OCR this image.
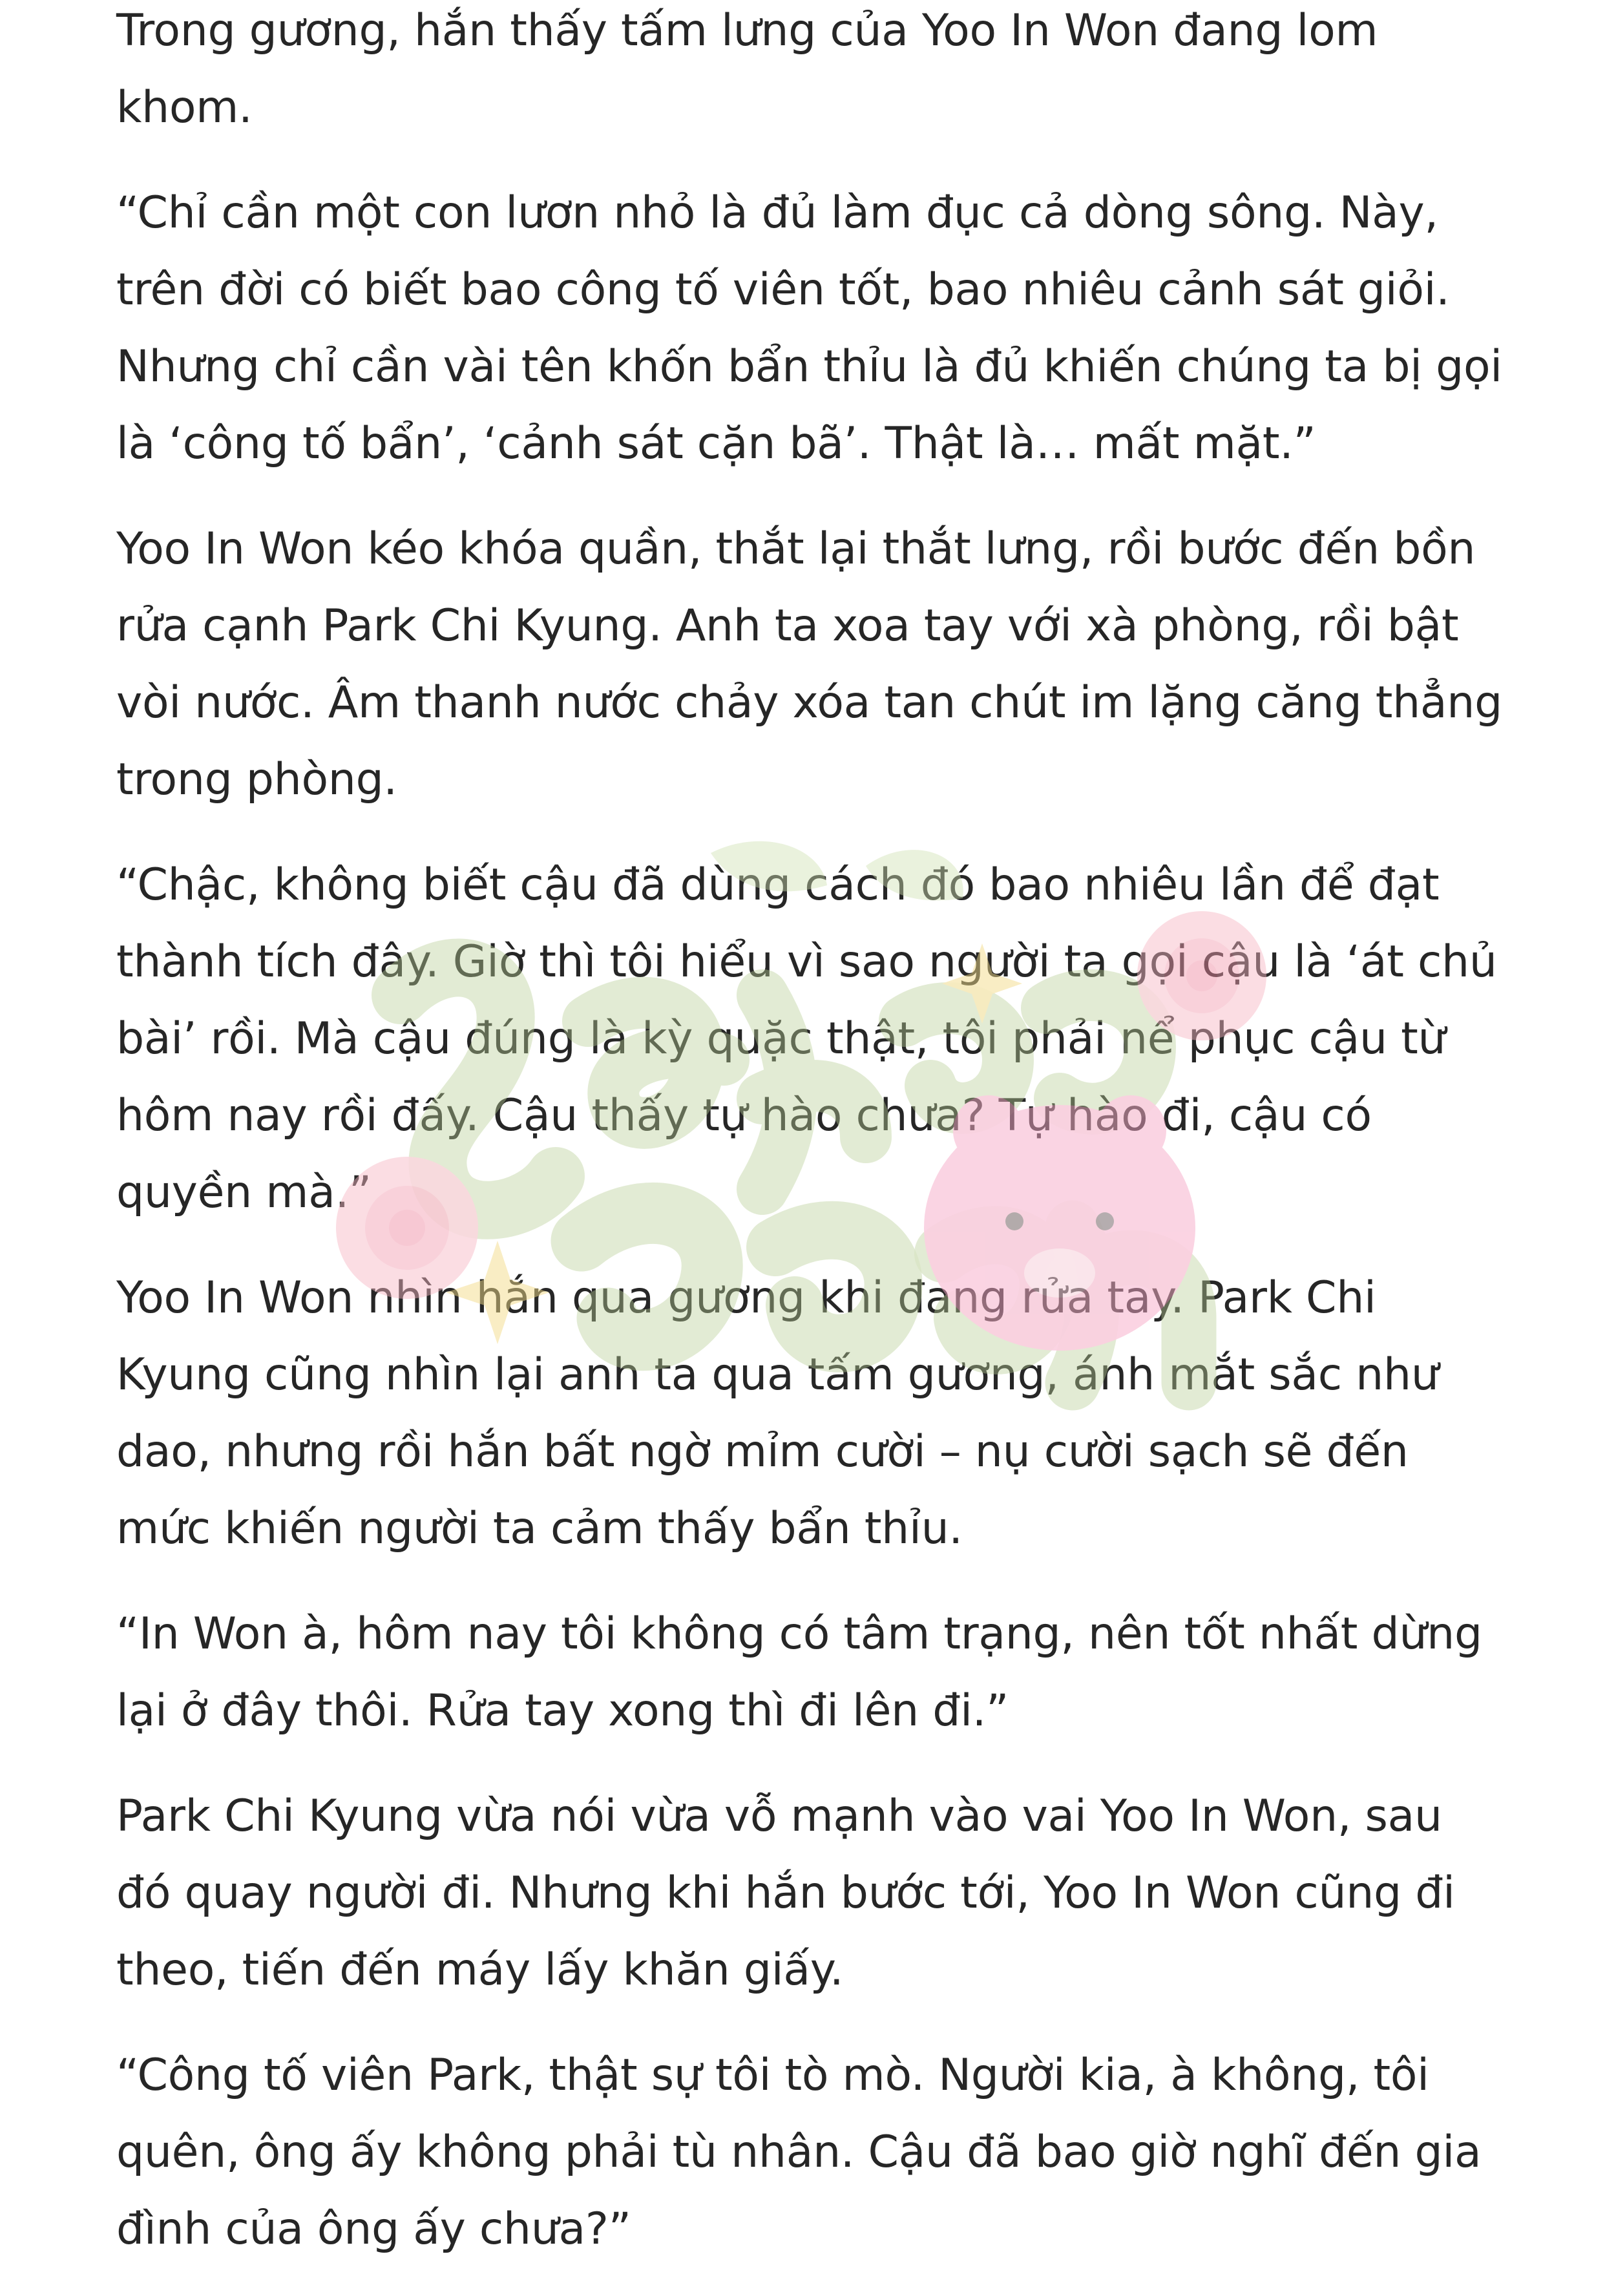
Trong gương, hắn thấy tấm lưng của Yoo In Won đang lom khom.

“Chỉ cần một con lươn nhỏ là đủ làm đục cả dòng sông. Này, trên đời có biết bao công tố viên tốt, bao nhiêu cảnh sát giỏi. Nhưng chỉ cần vài tên khốn bẩn thỉu là đủ khiến chúng ta bị gọi là ‘công tố bẩn’, ‘cảnh sát cặn bã’. Thật là… mất mặt.”

Yoo In Won kéo khóa quần, thắt lại thắt lưng, rồi bước đến bồn rửa cạnh Park Chi Kyung. Anh ta xoa tay với xà phòng, rồi bật vòi nước. Âm thanh nước chảy xóa tan chút im lặng căng thẳng trong phòng.

“Chậc, không biết cậu đã dùng cách đó bao nhiêu lần để đạt thành tích đây. Giờ thì tôi hiểu vì sao người ta gọi cậu là ‘át chủ bài’ rồi. Mà cậu đúng là kỳ quặc thật, tôi phải nể phục cậu từ hôm nay rồi đấy. Cậu thấy tự hào chưa? Tự hào đi, cậu có quyền mà.”

Yoo In Won nhìn hắn qua gương khi đang rửa tay. Park Chi Kyung cũng nhìn lại anh ta qua tấm gương, ánh mắt sắc như dao, nhưng rồi hắn bất ngờ mỉm cười – nụ cười sạch sẽ đến mức khiến người ta cảm thấy bẩn thỉu.

“In Won à, hôm nay tôi không có tâm trạng, nên tốt nhất dừng lại ở đây thôi. Rửa tay xong thì đi lên đi.”

Park Chi Kyung vừa nói vừa vỗ mạnh vào vai Yoo In Won, sau đó quay người đi. Nhưng khi hắn bước tới, Yoo In Won cũng đi theo, tiến đến máy lấy khăn giấy.

“Công tố viên Park, thật sự tôi tò mò. Người kia, à không, tôi quên, ông ấy không phải tù nhân. Cậu đã bao giờ nghĩ đến gia đình của ông ấy chưa?”
